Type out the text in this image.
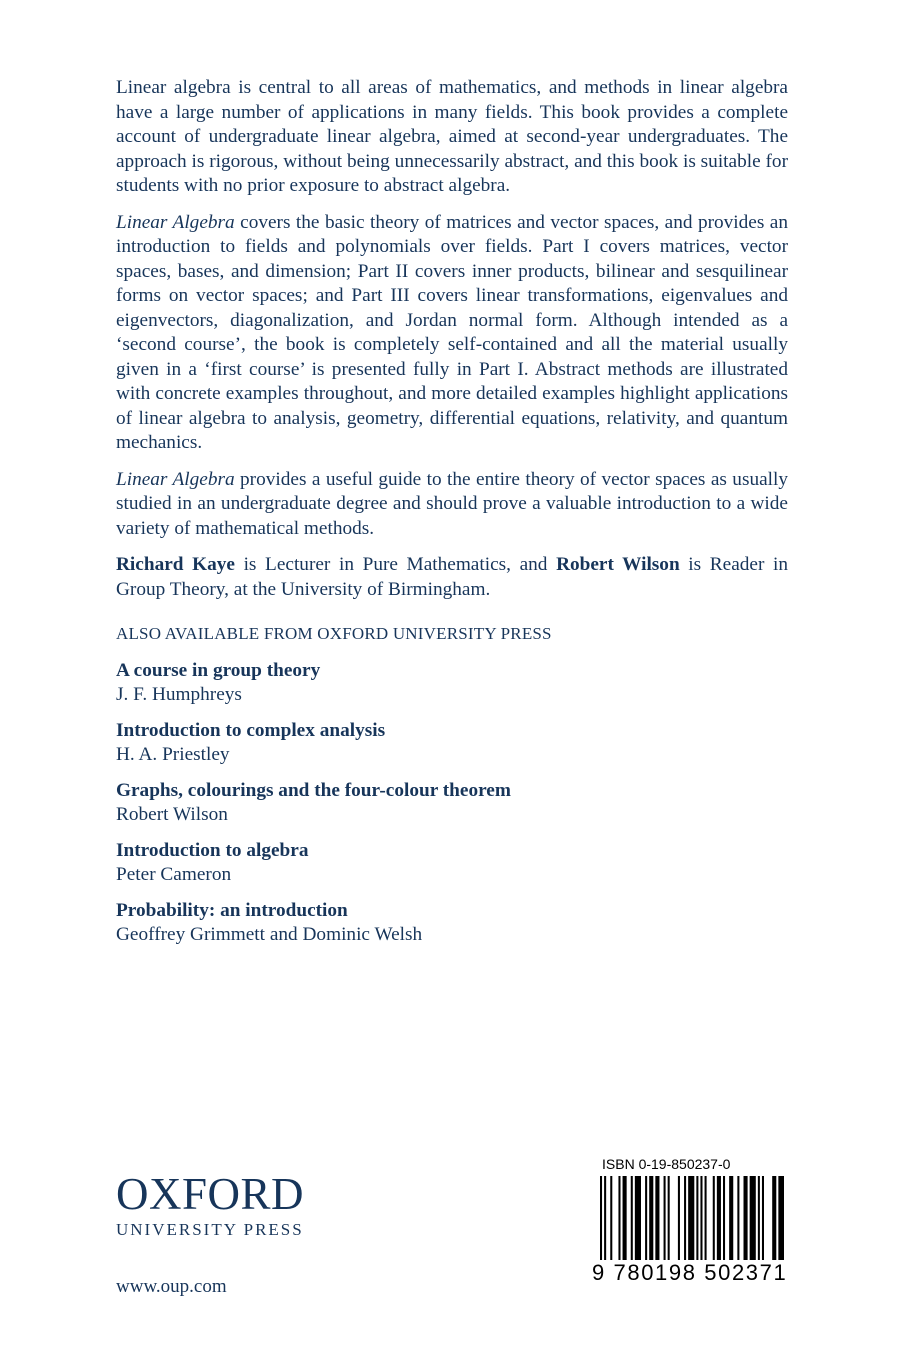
Linear algebra is central to all areas of mathematics, and methods in linear algebra have a large number of applications in many fields. This book provides a complete account of undergraduate linear algebra, aimed at second-year undergraduates. The approach is rigorous, without being unnecessarily abstract, and this book is suitable for students with no prior exposure to abstract algebra.

Linear Algebra covers the basic theory of matrices and vector spaces, and provides an introduction to fields and polynomials over fields. Part I covers matrices, vector spaces, bases, and dimension; Part II covers inner products, bilinear and sesquilinear forms on vector spaces; and Part III covers linear transformations, eigenvalues and eigenvectors, diagonalization, and Jordan normal form. Although intended as a ‘second course’, the book is completely self-contained and all the material usually given in a ‘first course’ is presented fully in Part I. Abstract methods are illustrated with concrete examples throughout, and more detailed examples highlight applications of linear algebra to analysis, geometry, differential equations, relativity, and quantum mechanics.

Linear Algebra provides a useful guide to the entire theory of vector spaces as usually studied in an undergraduate degree and should prove a valuable introduction to a wide variety of mathematical methods.

Richard Kaye is Lecturer in Pure Mathematics, and Robert Wilson is Reader in Group Theory, at the University of Birmingham.

ALSO AVAILABLE FROM OXFORD UNIVERSITY PRESS
A course in group theory
J. F. Humphreys
Introduction to complex analysis
H. A. Priestley
Graphs, colourings and the four-colour theorem
Robert Wilson
Introduction to algebra
Peter Cameron
Probability: an introduction
Geoffrey Grimmett and Dominic Welsh
OXFORD
UNIVERSITY PRESS
www.oup.com
ISBN 0-19-850237-0
9 780198 502371
